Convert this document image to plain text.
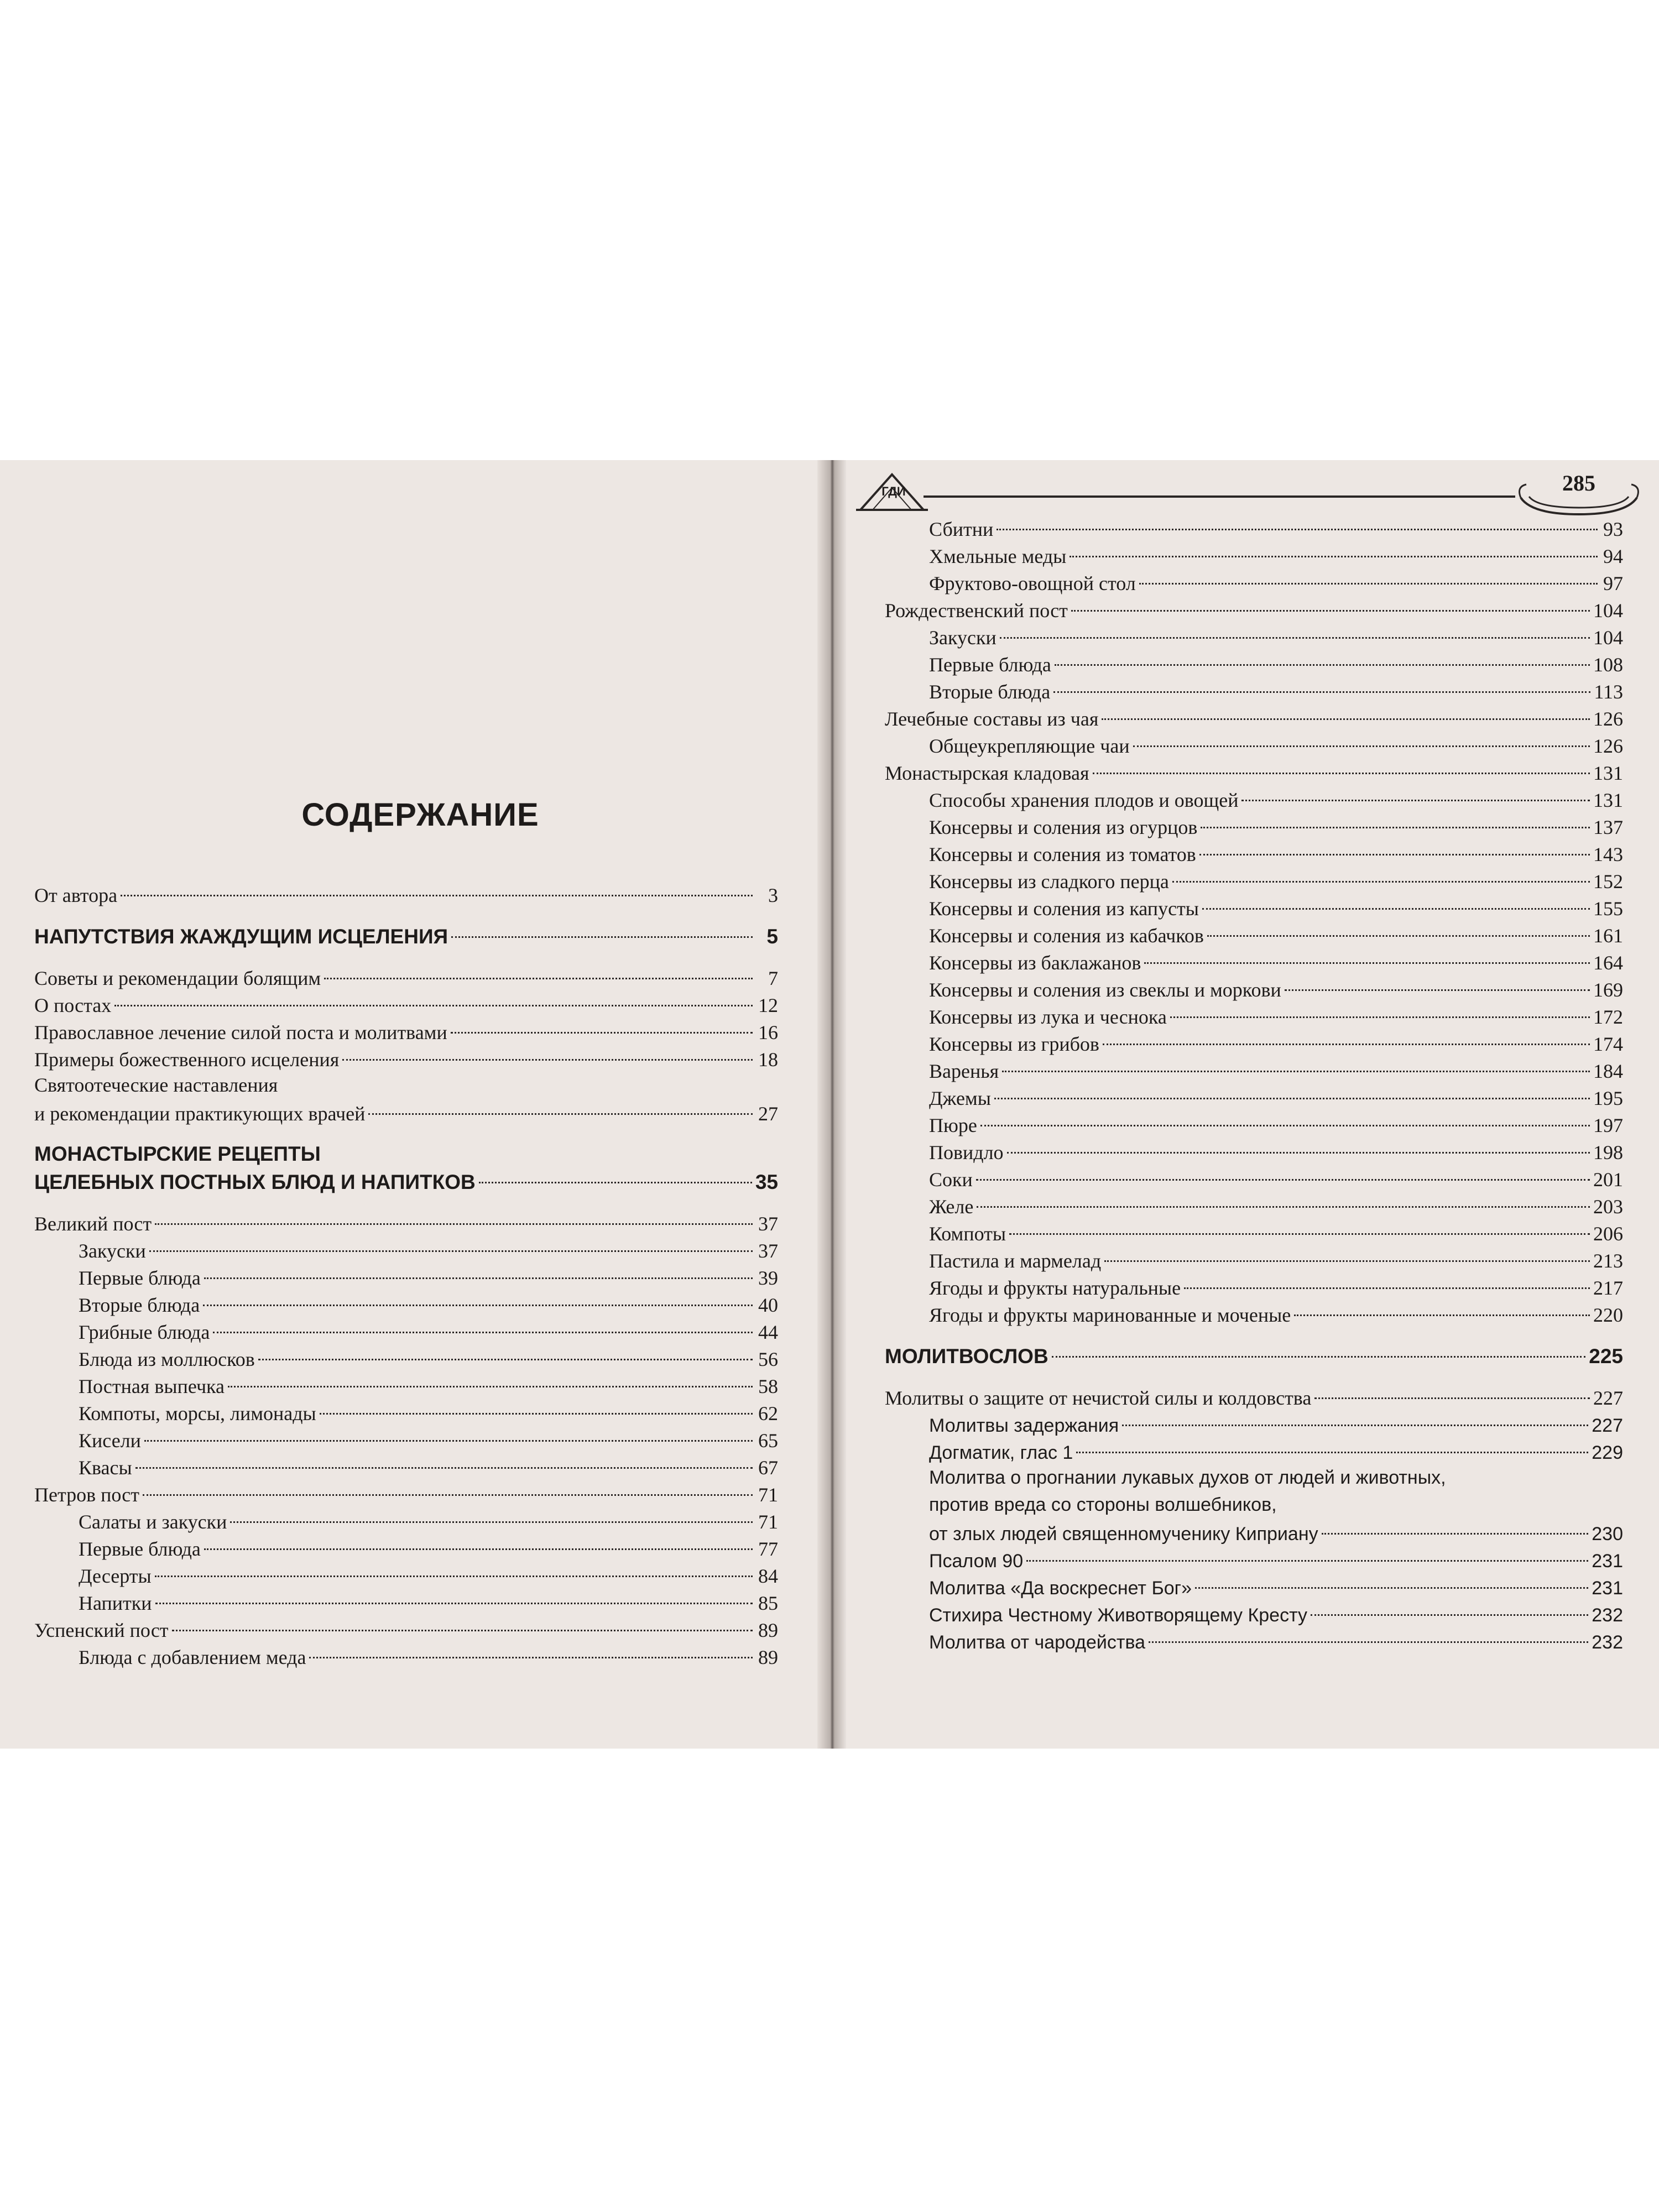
СОДЕРЖАНИЕ
От автора	3
НАПУТСТВИЯ ЖАЖДУЩИМ ИСЦЕЛЕНИЯ	5
Советы и рекомендации болящим	7
О постах	12
Православное лечение силой поста и молитвами	16
Примеры божественного исцеления	18
Святоотеческие наставления
и рекомендации практикующих врачей	27
МОНАСТЫРСКИЕ РЕЦЕПТЫ
ЦЕЛЕБНЫХ ПОСТНЫХ БЛЮД И НАПИТКОВ	35
Великий пост	37
Закуски	37
Первые блюда	39
Вторые блюда	40
Грибные блюда	44
Блюда из моллюсков	56
Постная выпечка	58
Компоты, морсы, лимонады	62
Кисели	65
Квасы	67
Петров пост	71
Салаты и закуски	71
Первые блюда	77
Десерты	84
Напитки	85
Успенский пост	89
Блюда с добавлением меда	89
ГДИ	285
Сбитни	93
Хмельные меды	94
Фруктово-овощной стол	97
Рождественский пост	104
Закуски	104
Первые блюда	108
Вторые блюда	113
Лечебные составы из чая	126
Общеукрепляющие чаи	126
Монастырская кладовая	131
Способы хранения плодов и овощей	131
Консервы и соления из огурцов	137
Консервы и соления из томатов	143
Консервы из сладкого перца	152
Консервы и соления из капусты	155
Консервы и соления из кабачков	161
Консервы из баклажанов	164
Консервы и соления из свеклы и моркови	169
Консервы из лука и чеснока	172
Консервы из грибов	174
Варенья	184
Джемы	195
Пюре	197
Повидло	198
Соки	201
Желе	203
Компоты	206
Пастила и мармелад	213
Ягоды и фрукты натуральные	217
Ягоды и фрукты маринованные и моченые	220
МОЛИТВОСЛОВ	225
Молитвы о защите от нечистой силы и колдовства	227
Молитвы задержания	227
Догматик, глас 1	229
Молитва о прогнании лукавых духов от людей и животных,
против вреда со стороны волшебников,
от злых людей священномученику Киприану	230
Псалом 90	231
Молитва «Да воскреснет Бог»	231
Стихира Честному Животворящему Кресту	232
Молитва от чародейства	232
